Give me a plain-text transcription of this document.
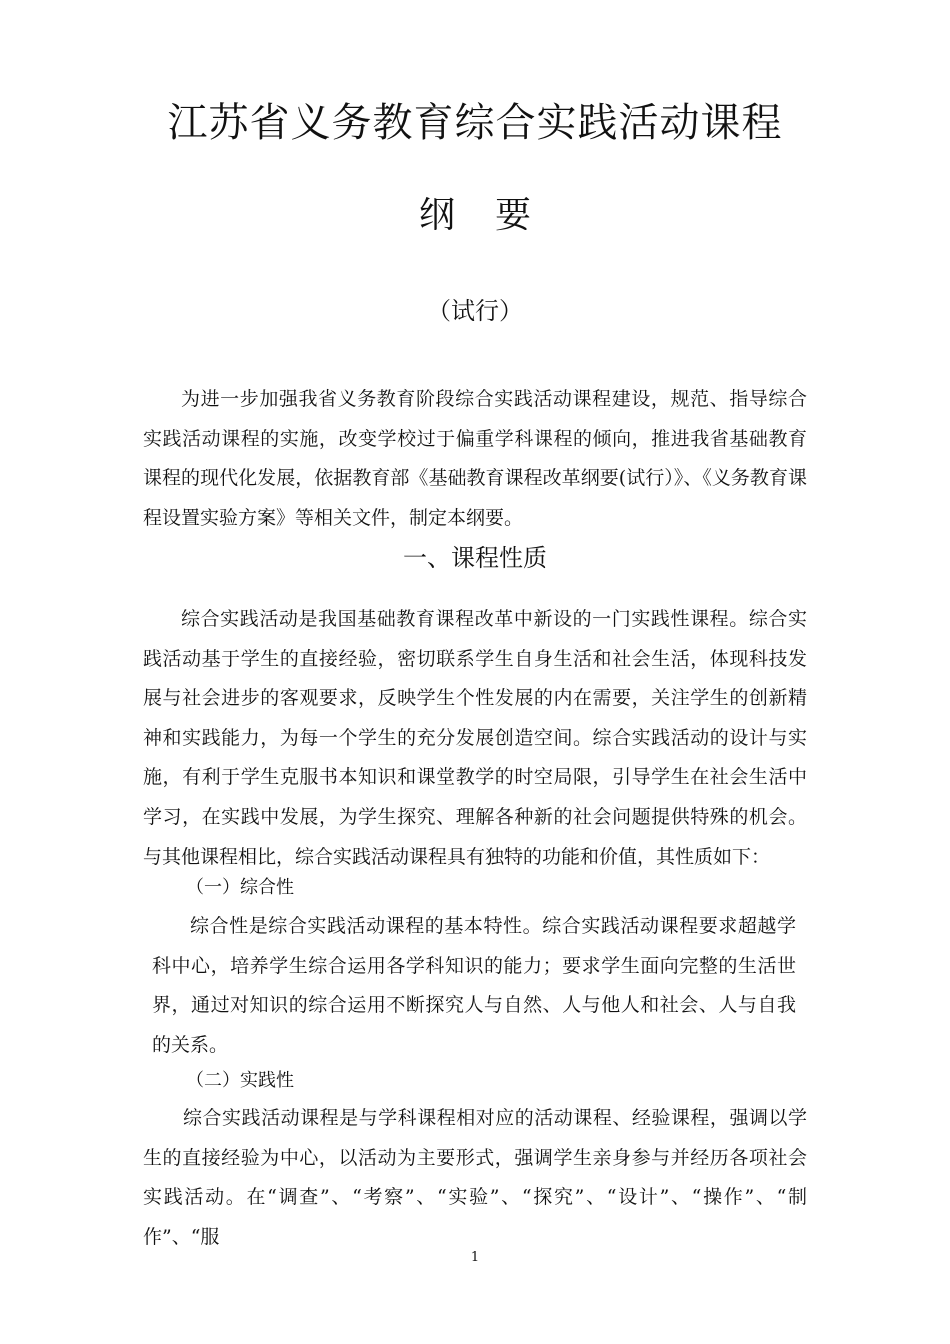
江苏省义务教育综合实践活动课程
纲要

（试行）

为进一步加强我省义务教育阶段综合实践活动课程建设，规范、指导综合实践活动课程的实施，改变学校过于偏重学科课程的倾向，推进我省基础教育课程的现代化发展，依据教育部《基础教育课程改革纲要(试行）》、《义务教育课程设置实验方案》等相关文件，制定本纲要。

一、课程性质

综合实践活动是我国基础教育课程改革中新设的一门实践性课程。综合实践活动基于学生的直接经验，密切联系学生自身生活和社会生活，体现科技发展与社会进步的客观要求，反映学生个性发展的内在需要，关注学生的创新精神和实践能力，为每一个学生的充分发展创造空间。综合实践活动的设计与实施，有利于学生克服书本知识和课堂教学的时空局限，引导学生在社会生活中学习，在实践中发展，为学生探究、理解各种新的社会问题提供特殊的机会。与其他课程相比，综合实践活动课程具有独特的功能和价值，其性质如下：

（一）综合性

综合性是综合实践活动课程的基本特性。综合实践活动课程要求超越学科中心，培养学生综合运用各学科知识的能力；要求学生面向完整的生活世界，通过对知识的综合运用不断探究人与自然、人与他人和社会、人与自我的关系。

（二）实践性

综合实践活动课程是与学科课程相对应的活动课程、经验课程，强调以学生的直接经验为中心，以活动为主要形式，强调学生亲身参与并经历各项社会实践活动。在“调查”、“考察”、“实验”、“探究”、“设计”、“操作”、“制作”、“服

1
